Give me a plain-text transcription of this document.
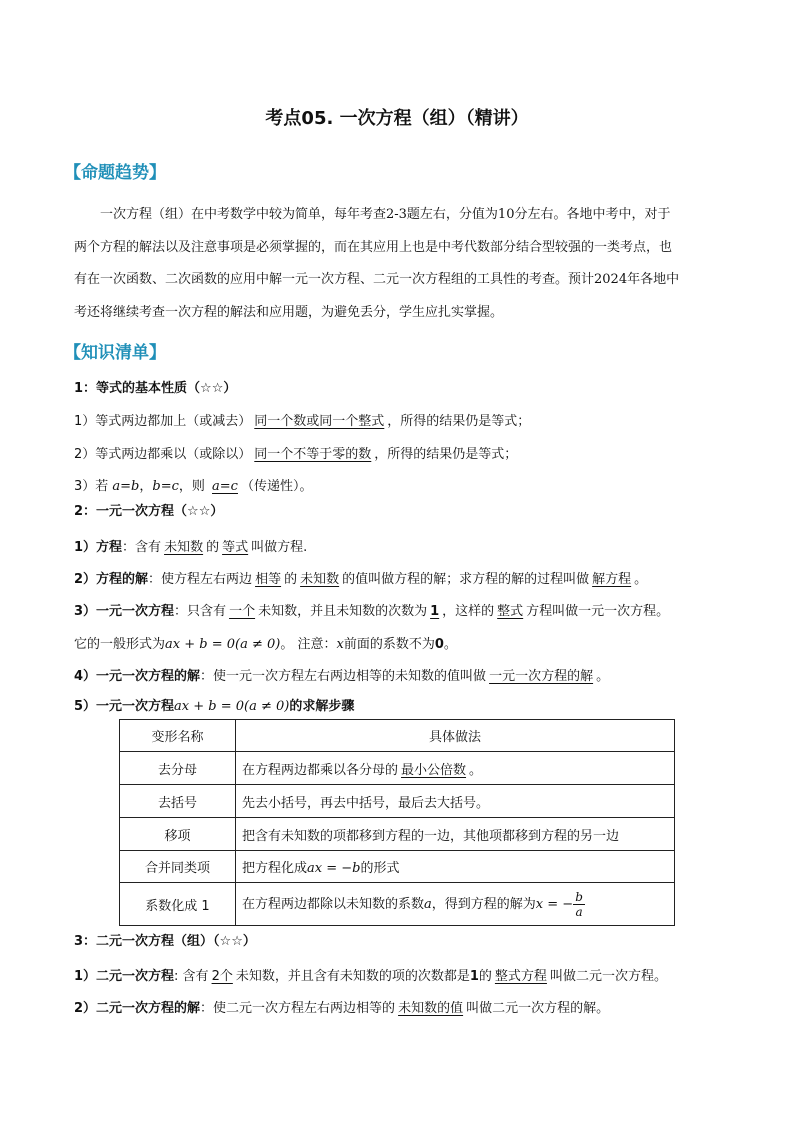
考点05. 一次方程（组）（精讲）
【命题趋势】
一次方程（组）在中考数学中较为简单，每年考查2-3题左右，分值为10分左右。各地中考中，对于
两个方程的解法以及注意事项是必须掌握的，而在其应用上也是中考代数部分结合型较强的一类考点，也
有在一次函数、二次函数的应用中解一元一次方程、二元一次方程组的工具性的考查。预计2024年各地中
考还将继续考查一次方程的解法和应用题，为避免丢分，学生应扎实掌握。
【知识清单】
1：等式的基本性质（☆☆）
1）等式两边都加上（或减去） 同一个数或同一个整式 ，所得的结果仍是等式；
2）等式两边都乘以（或除以） 同一个不等于零的数 ，所得的结果仍是等式；
3）若 a=b，b=c，则 a=c （传递性）。
2：一元一次方程（☆☆）
1）方程：含有 未知数 的 等式 叫做方程.
2）方程的解：使方程左右两边 相等 的 未知数 的值叫做方程的解；求方程的解的过程叫做 解方程 。
3）一元一次方程：只含有 一个 未知数，并且未知数的次数为 1 ，这样的 整式 方程叫做一元一次方程。
它的一般形式为ax + b = 0(a ≠ 0)。 注意：x前面的系数不为0。
4）一元一次方程的解：使一元一次方程左右两边相等的未知数的值叫做 一元一次方程的解 。
5）一元一次方程ax + b = 0(a ≠ 0)的求解步骤
变形名称	具体做法
去分母	在方程两边都乘以各分母的 最小公倍数 。
去括号	先去小括号，再去中括号，最后去大括号。
移项	把含有未知数的项都移到方程的一边，其他项都移到方程的另一边
合并同类项	把方程化成ax = −b的形式
系数化成 1	在方程两边都除以未知数的系数a，得到方程的解为x = − $\frac{b}{a}$
3：二元一次方程（组）（☆☆）
1）二元一次方程: 含有 2个 未知数，并且含有未知数的项的次数都是1的 整式方程 叫做二元一次方程。
2）二元一次方程的解：使二元一次方程左右两边相等的 未知数的值 叫做二元一次方程的解。
